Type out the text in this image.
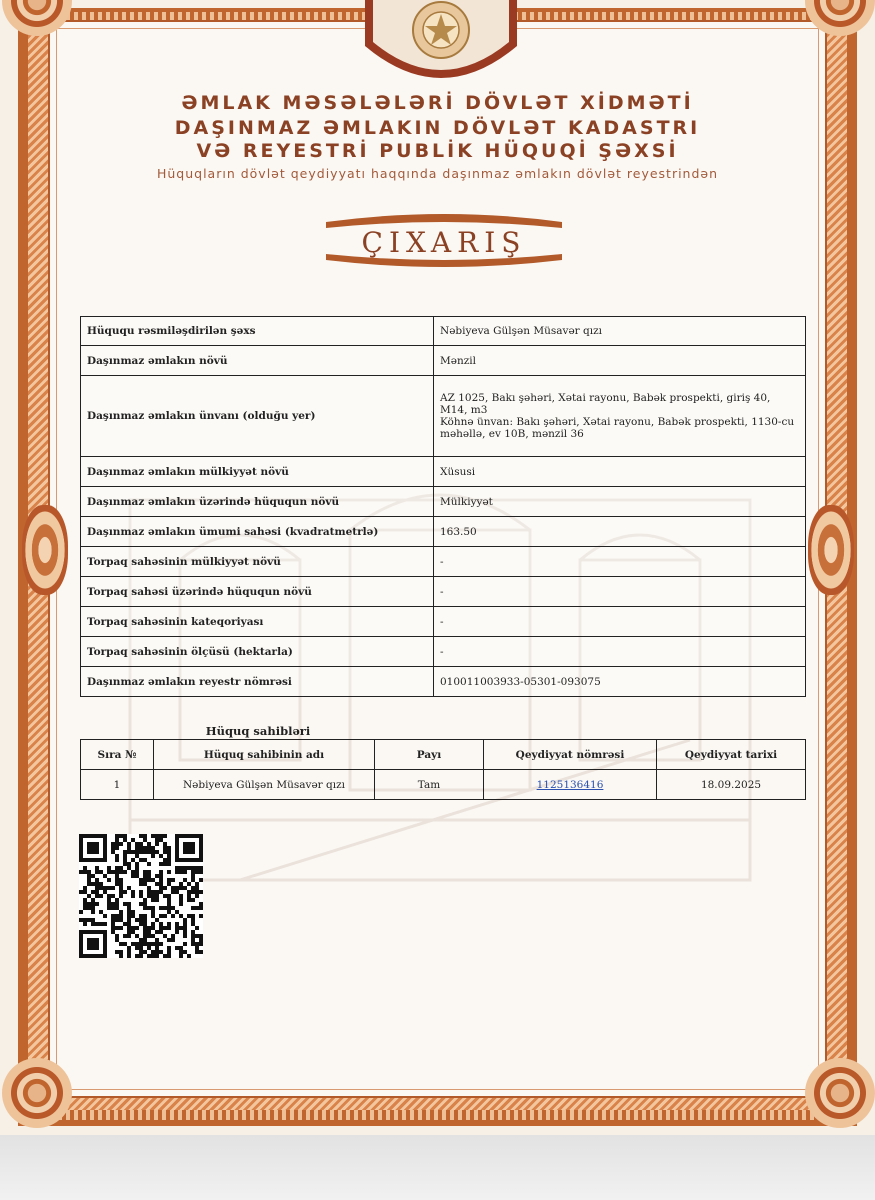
ƏMLAK MƏSƏLƏLƏRİ DÖVLƏT XİDMƏTİ
DAŞINMAZ ƏMLAKIN DÖVLƏT KADASTRI
VƏ REYESTRİ PUBLİK HÜQUQİ ŞƏXSİ
Hüquqların dövlət qeydiyyatı haqqında daşınmaz əmlakın dövlət reyestrindən
ÇIXARIŞ
Hüququ rəsmiləşdirilən şəxs	Nəbiyeva Gülşən Müsavər qızı
Daşınmaz əmlakın növü	Mənzil
Daşınmaz əmlakın ünvanı (olduğu yer)	AZ 1025, Bakı şəhəri, Xətai rayonu, Babək prospekti, giriş 40, M14, m3
Köhnə ünvan: Bakı şəhəri, Xətai rayonu, Babək prospekti, 1130-cu məhəllə, ev 10B, mənzil 36

Daşınmaz əmlakın mülkiyyət növü	Xüsusi
Daşınmaz əmlakın üzərində hüququn növü	Mülkiyyət
Daşınmaz əmlakın ümumi sahəsi (kvadratmetrlə)	163.50
Torpaq sahəsinin mülkiyyət növü	-
Torpaq sahəsi üzərində hüququn növü	-
Torpaq sahəsinin kateqoriyası	-
Torpaq sahəsinin ölçüsü (hektarla)	-
Daşınmaz əmlakın reyestr nömrəsi	010011003933-05301-093075
Hüquq sahibləri
Sıra №	Hüquq sahibinin adı	Payı	Qeydiyyat nömrəsi	Qeydiyyat tarixi
1	Nəbiyeva Gülşən Müsavər qızı	Tam	1125136416	18.09.2025
